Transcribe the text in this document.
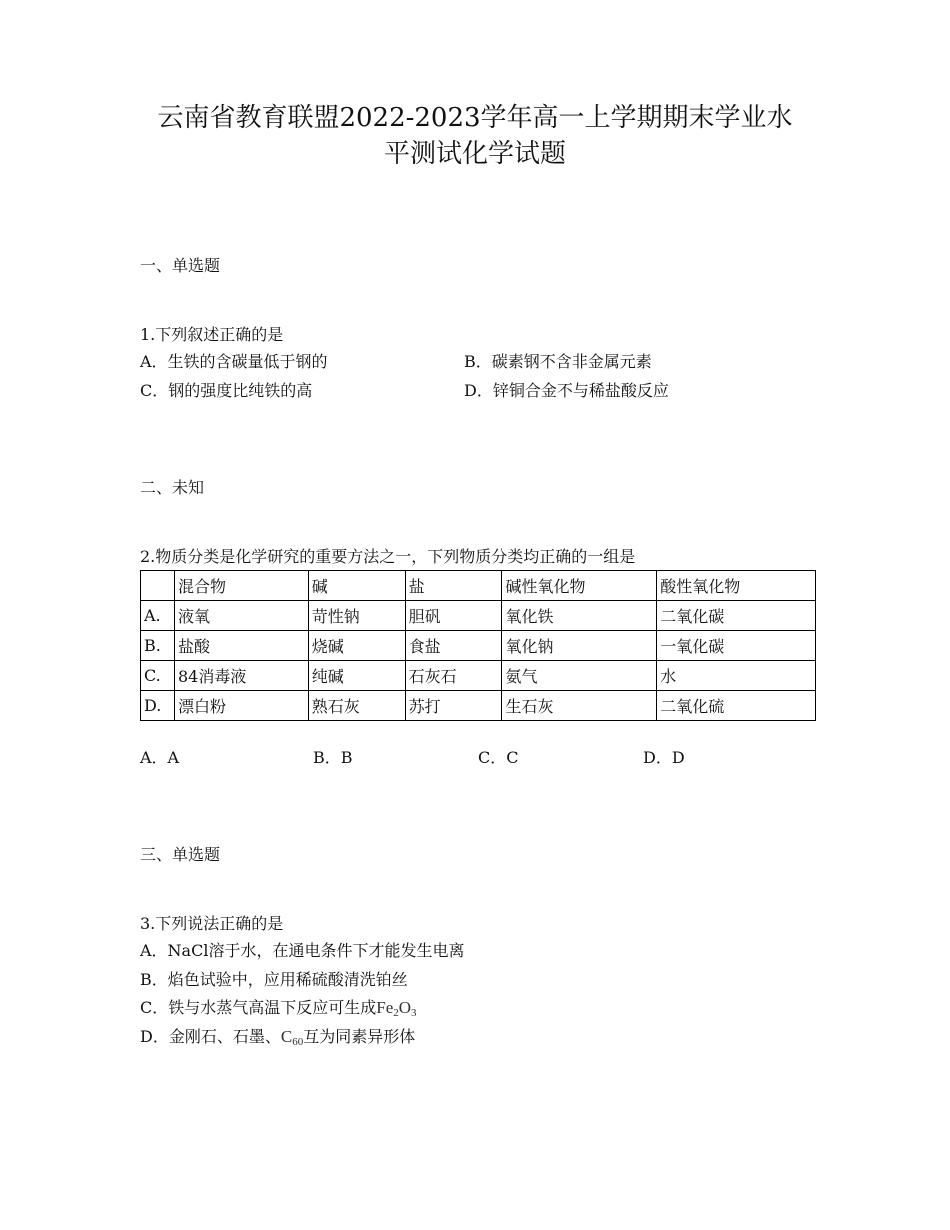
云南省教育联盟2022-2023学年高一上学期期末学业水
平测试化学试题
一、单选题
1.下列叙述正确的是
A．生铁的含碳量低于钢的	B．碳素钢不含非金属元素
C．钢的强度比纯铁的高	D．锌铜合金不与稀盐酸反应
二、未知
2.物质分类是化学研究的重要方法之一，下列物质分类均正确的一组是
	混合物	碱	盐	碱性氧化物	酸性氧化物
A.	液氧	苛性钠	胆矾	氧化铁	二氧化碳
B.	盐酸	烧碱	食盐	氧化钠	一氧化碳
C.	84消毒液	纯碱	石灰石	氨气	水
D.	漂白粉	熟石灰	苏打	生石灰	二氧化硫
A．A	B．B	C．C	D．D
三、单选题
3.下列说法正确的是
A．NaCl溶于水，在通电条件下才能发生电离
B．焰色试验中，应用稀硫酸清洗铂丝
C．铁与水蒸气高温下反应可生成$Fe_2O_3$
D．金刚石、石墨、$C_{60}$互为同素异形体
